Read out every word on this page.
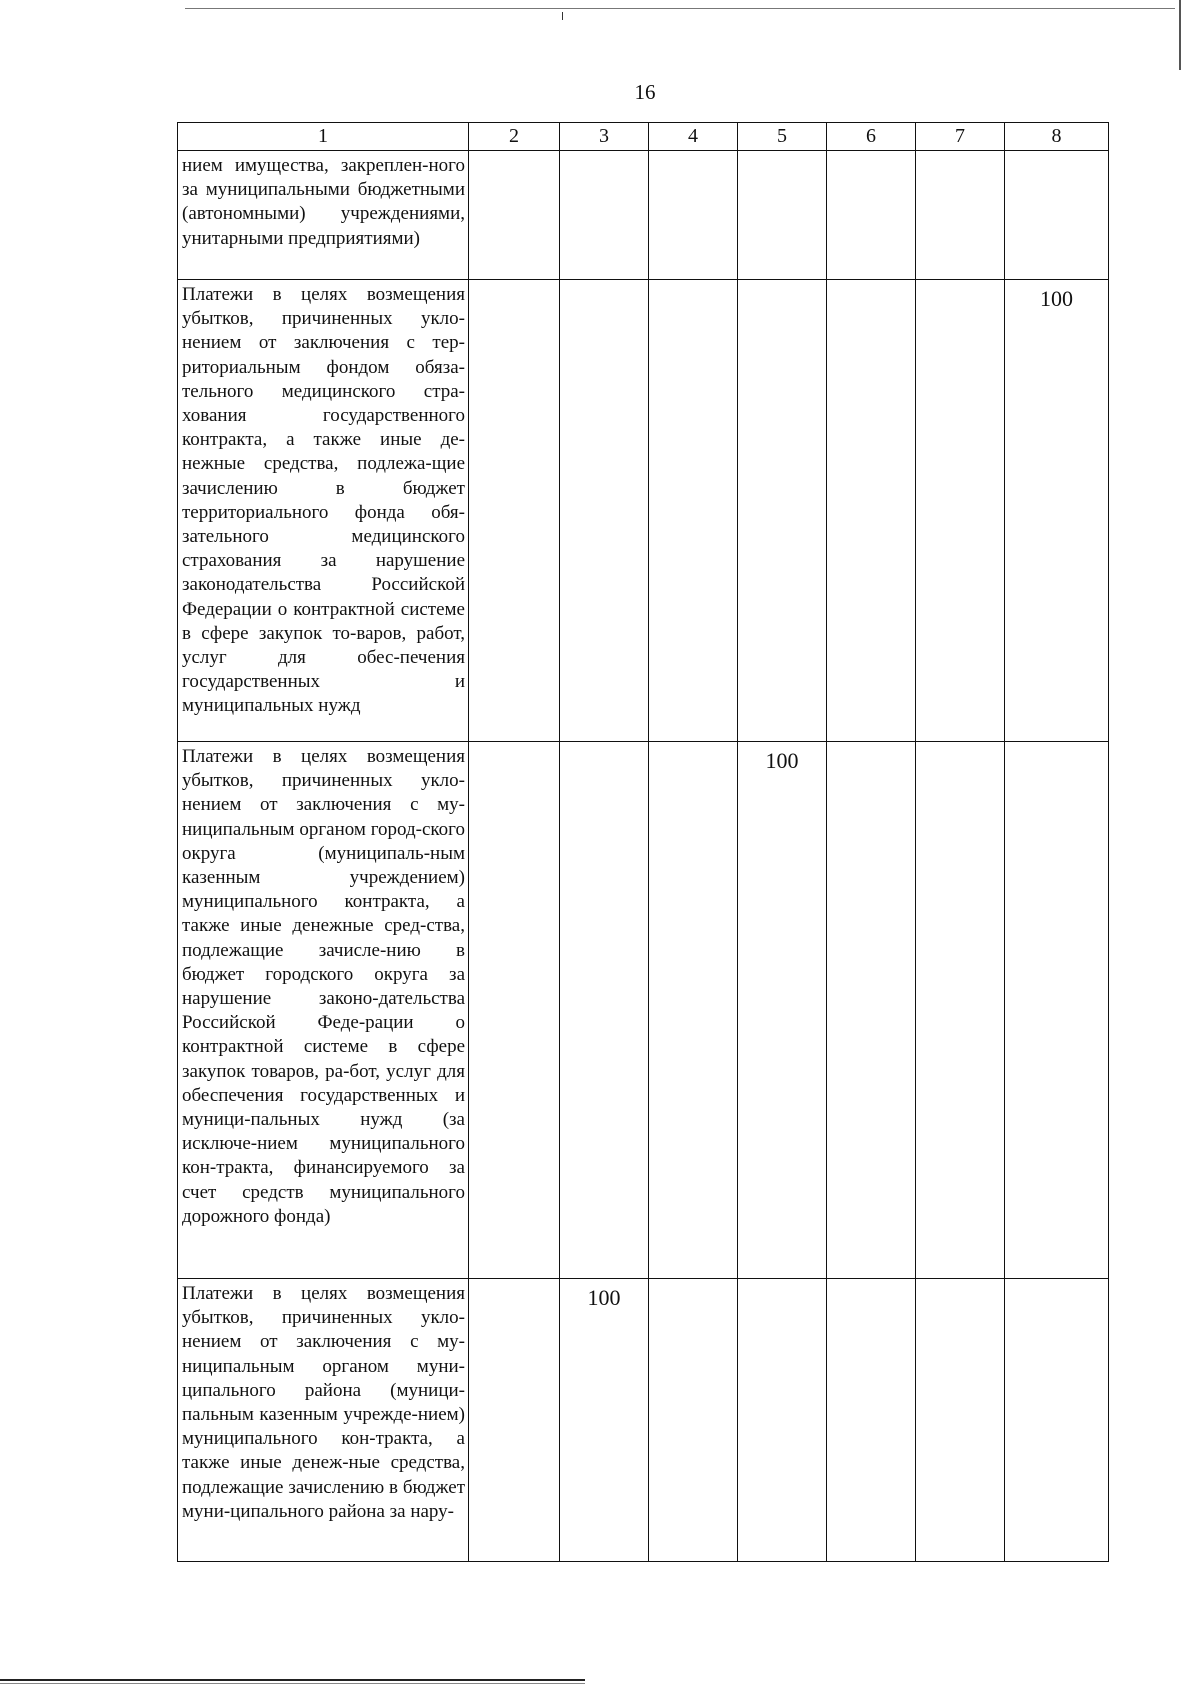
16
1	2	3	4	5	6	7	8
нием имущества, закреплен-ного за муниципальными бюджетными (автономными) учреждениями, унитарными предприятиями)							
Платежи в целях возмещения убытков, причиненных укло-нением от заключения с тер-риториальным фондом обяза-тельного медицинского стра-хования государственного контракта, а также иные де-нежные средства, подлежа-щие зачислению в бюджет территориального фонда обя-зательного медицинского страхования за нарушение законодательства Российской Федерации о контрактной системе в сфере закупок то-варов, работ, услуг для обес-печения государственных и муниципальных нужд							100
Платежи в целях возмещения убытков, причиненных укло-нением от заключения с му-ниципальным органом город-ского округа (муниципаль-ным казенным учреждением) муниципального контракта, а также иные денежные сред-ства, подлежащие зачисле-нию в бюджет городского округа за нарушение законо-дательства Российской Феде-рации о контрактной системе в сфере закупок товаров, ра-бот, услуг для обеспечения государственных и муници-пальных нужд (за исключе-нием муниципального кон-тракта, финансируемого за счет средств муниципального дорожного фонда)				100			
Платежи в целях возмещения убытков, причиненных укло-нением от заключения с му-ниципальным органом муни-ципального района (муници-пальным казенным учрежде-нием) муниципального кон-тракта, а также иные денеж-ные средства, подлежащие зачислению в бюджет муни-ципального района за нару-		100					
